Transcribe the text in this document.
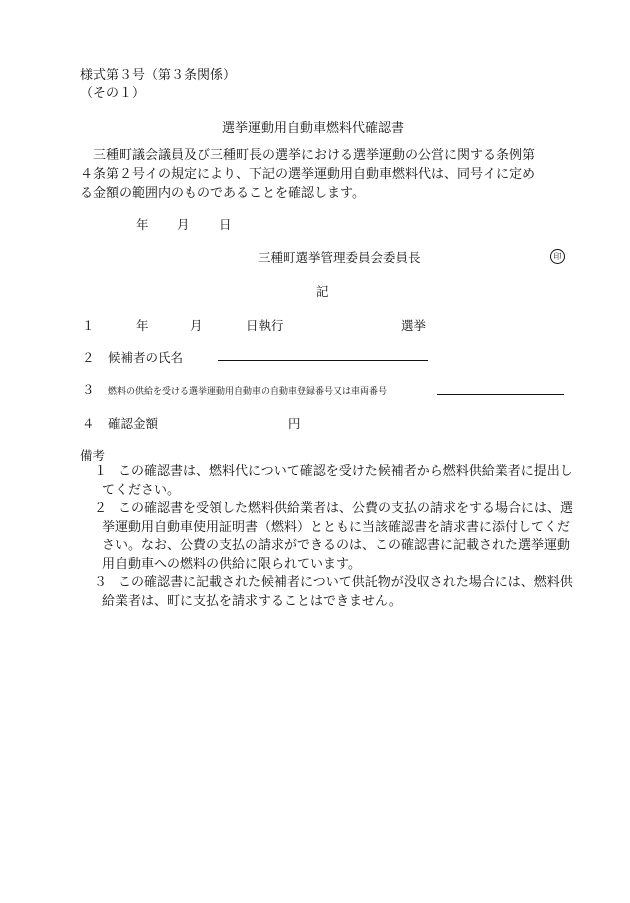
様式第３号（第３条関係）
（その１）
選挙運動用自動車燃料代確認書
三種町議会議員及び三種町長の選挙における選挙運動の公営に関する条例第
４条第２号イの規定により、下記の選挙運動用自動車燃料代は、同号イに定め
る金額の範囲内のものであることを確認します。
年 月 日
三種町選挙管理委員会委員長	印
記
１	年	月	日執行	選挙
２ 候補者の氏名
３ 燃料の供給を受ける選挙運動用自動車の自動車登録番号又は車両番号
４ 確認金額	円
備考
１ この確認書は、燃料代について確認を受けた候補者から燃料供給業者に提出し
てください。
２ この確認書を受領した燃料供給業者は、公費の支払の請求をする場合には、選
挙運動用自動車使用証明書（燃料）とともに当該確認書を請求書に添付してくだ
さい。なお、公費の支払の請求ができるのは、この確認書に記載された選挙運動
用自動車への燃料の供給に限られています。
３ この確認書に記載された候補者について供託物が没収された場合には、燃料供
給業者は、町に支払を請求することはできません。
